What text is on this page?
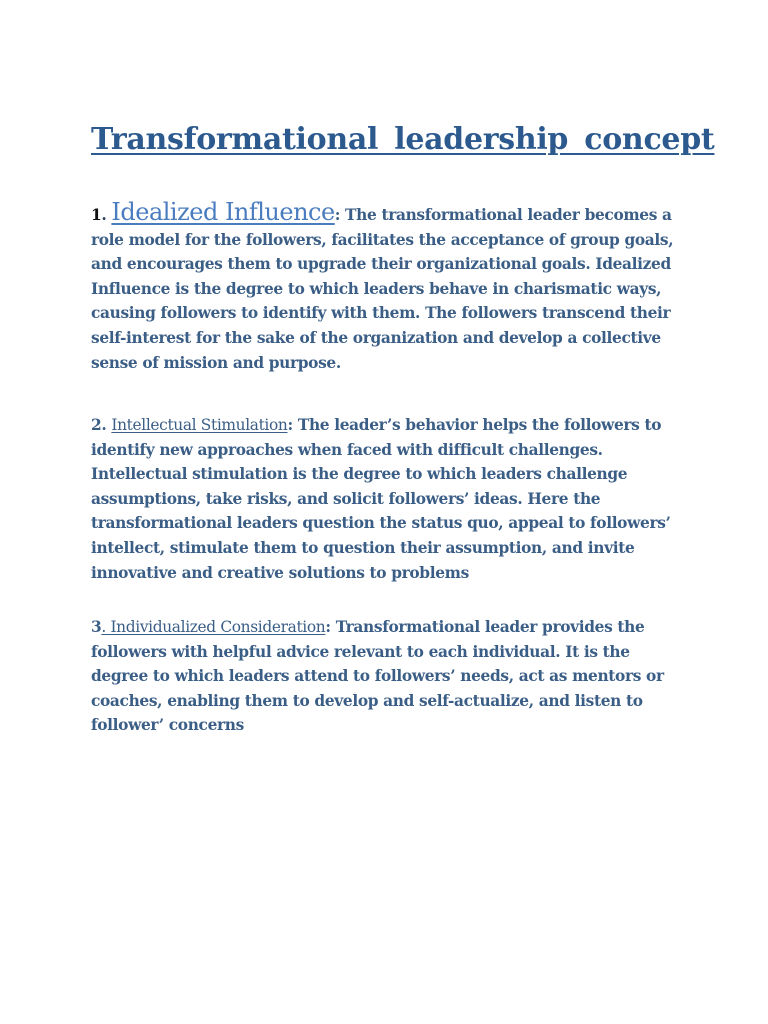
Transformational leadership concept

1. Idealized Influence: The transformational leader becomes a role model for the followers, facilitates the acceptance of group goals, and encourages them to upgrade their organizational goals. Idealized Influence is the degree to which leaders behave in charismatic ways, causing followers to identify with them. The followers transcend their self-interest for the sake of the organization and develop a collective sense of mission and purpose.

2. Intellectual Stimulation: The leader’s behavior helps the followers to identify new approaches when faced with difficult challenges. Intellectual stimulation is the degree to which leaders challenge assumptions, take risks, and solicit followers’ ideas. Here the transformational leaders question the status quo, appeal to followers’ intellect, stimulate them to question their assumption, and invite innovative and creative solutions to problems

3. Individualized Consideration: Transformational leader provides the followers with helpful advice relevant to each individual. It is the degree to which leaders attend to followers’ needs, act as mentors or coaches, enabling them to develop and self-actualize, and listen to follower’ concerns
